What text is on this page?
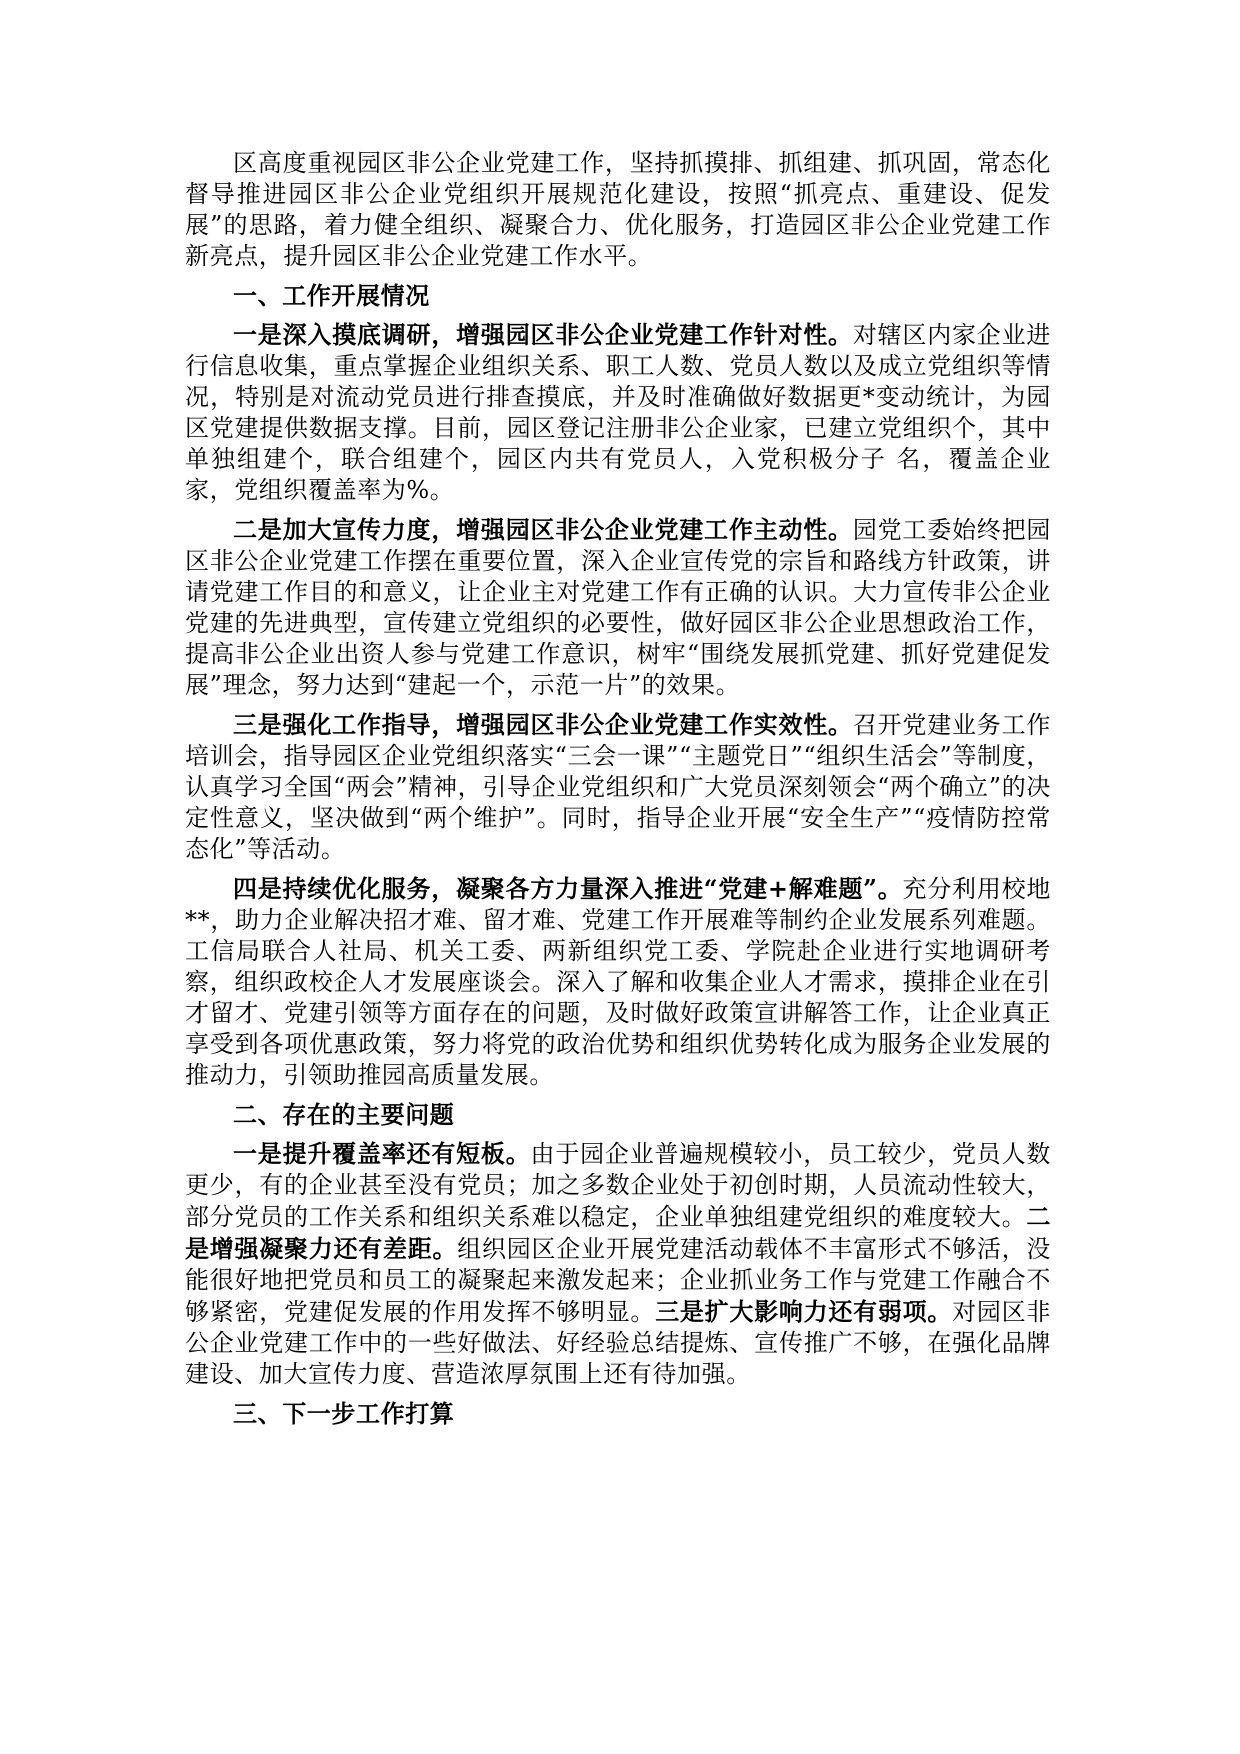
区高度重视园区非公企业党建工作，坚持抓摸排、抓组建、抓巩固，常态化督导推进园区非公企业党组织开展规范化建设，按照“抓亮点、重建设、促发展”的思路，着力健全组织、凝聚合力、优化服务，打造园区非公企业党建工作新亮点，提升园区非公企业党建工作水平。

一、工作开展情况

一是深入摸底调研，增强园区非公企业党建工作针对性。对辖区内家企业进行信息收集，重点掌握企业组织关系、职工人数、党员人数以及成立党组织等情况，特别是对流动党员进行排查摸底，并及时准确做好数据更*变动统计，为园区党建提供数据支撑。目前，园区登记注册非公企业家，已建立党组织个，其中单独组建个，联合组建个，园区内共有党员人，入党积极分子 名，覆盖企业家，党组织覆盖率为%。

二是加大宣传力度，增强园区非公企业党建工作主动性。园党工委始终把园区非公企业党建工作摆在重要位置，深入企业宣传党的宗旨和路线方针政策，讲请党建工作目的和意义，让企业主对党建工作有正确的认识。大力宣传非公企业党建的先进典型，宣传建立党组织的必要性，做好园区非公企业思想政治工作，提高非公企业出资人参与党建工作意识，树牢“围绕发展抓党建、抓好党建促发展”理念，努力达到“建起一个，示范一片”的效果。

三是强化工作指导，增强园区非公企业党建工作实效性。召开党建业务工作培训会，指导园区企业党组织落实“三会一课”“主题党日”“组织生活会”等制度，认真学习全国“两会”精神，引导企业党组织和广大党员深刻领会“两个确立”的决定性意义，坚决做到“两个维护”。同时，指导企业开展“安全生产”“疫情防控常态化”等活动。

四是持续优化服务，凝聚各方力量深入推进“党建+解难题”。充分利用校地**，助力企业解决招才难、留才难、党建工作开展难等制约企业发展系列难题。工信局联合人社局、机关工委、两新组织党工委、学院赴企业进行实地调研考察，组织政校企人才发展座谈会。深入了解和收集企业人才需求，摸排企业在引才留才、党建引领等方面存在的问题，及时做好政策宣讲解答工作，让企业真正享受到各项优惠政策，努力将党的政治优势和组织优势转化成为服务企业发展的推动力，引领助推园高质量发展。

二、存在的主要问题

一是提升覆盖率还有短板。由于园企业普遍规模较小，员工较少，党员人数更少，有的企业甚至没有党员；加之多数企业处于初创时期，人员流动性较大，部分党员的工作关系和组织关系难以稳定，企业单独组建党组织的难度较大。二是增强凝聚力还有差距。组织园区企业开展党建活动载体不丰富形式不够活，没能很好地把党员和员工的凝聚起来激发起来；企业抓业务工作与党建工作融合不够紧密，党建促发展的作用发挥不够明显。三是扩大影响力还有弱项。对园区非公企业党建工作中的一些好做法、好经验总结提炼、宣传推广不够，在强化品牌建设、加大宣传力度、营造浓厚氛围上还有待加强。

三、下一步工作打算
